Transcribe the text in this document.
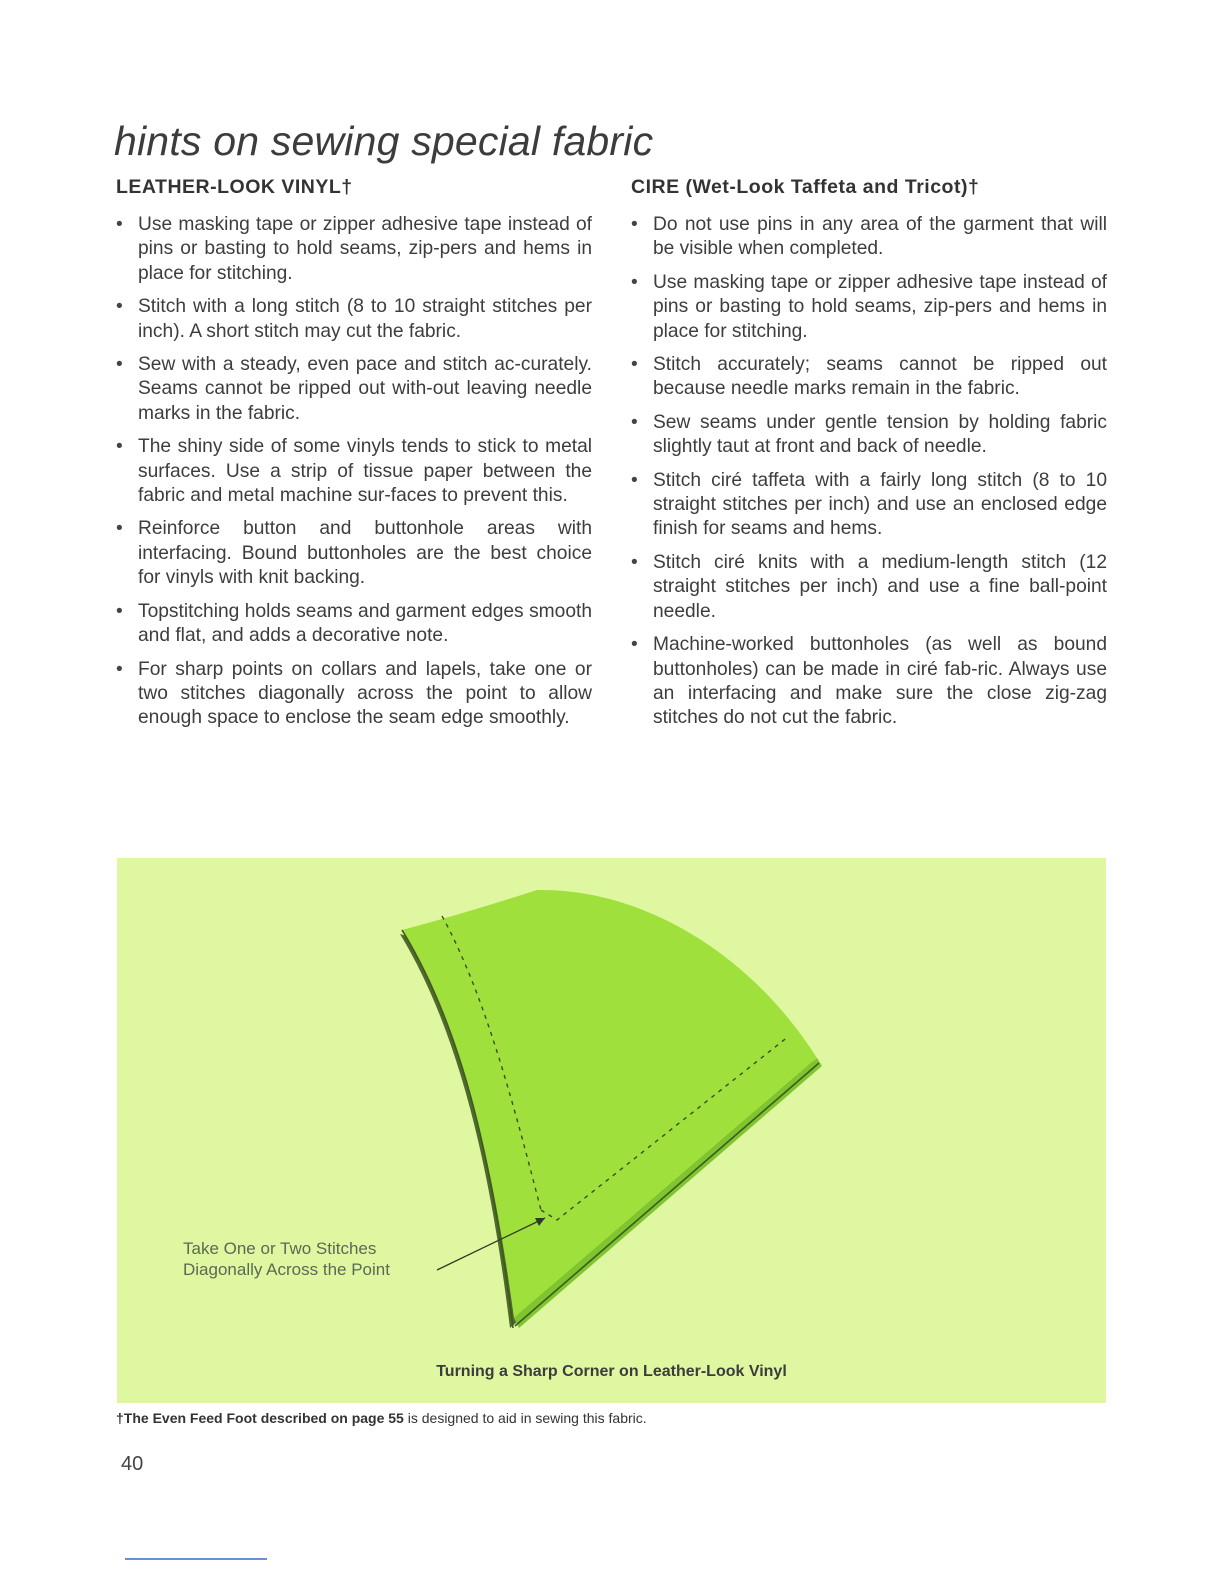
hints on sewing special fabric
LEATHER-LOOK VINYL†
• Use masking tape or zipper adhesive tape instead of pins or basting to hold seams, zip-pers and hems in place for stitching.
• Stitch with a long stitch (8 to 10 straight stitches per inch). A short stitch may cut the fabric.
• Sew with a steady, even pace and stitch ac-curately. Seams cannot be ripped out with-out leaving needle marks in the fabric.
• The shiny side of some vinyls tends to stick to metal surfaces. Use a strip of tissue paper between the fabric and metal machine sur-faces to prevent this.
• Reinforce button and buttonhole areas with interfacing. Bound buttonholes are the best choice for vinyls with knit backing.
• Topstitching holds seams and garment edges smooth and flat, and adds a decorative note.
• For sharp points on collars and lapels, take one or two stitches diagonally across the point to allow enough space to enclose the seam edge smoothly.
CIRE (Wet-Look Taffeta and Tricot)†
• Do not use pins in any area of the garment that will be visible when completed.
• Use masking tape or zipper adhesive tape instead of pins or basting to hold seams, zip-pers and hems in place for stitching.
• Stitch accurately; seams cannot be ripped out because needle marks remain in the fabric.
• Sew seams under gentle tension by holding fabric slightly taut at front and back of needle.
• Stitch ciré taffeta with a fairly long stitch (8 to 10 straight stitches per inch) and use an enclosed edge finish for seams and hems.
• Stitch ciré knits with a medium-length stitch (12 straight stitches per inch) and use a fine ball-point needle.
• Machine-worked buttonholes (as well as bound buttonholes) can be made in ciré fab-ric. Always use an interfacing and make sure the close zig-zag stitches do not cut the fabric.
Take One or Two Stitches
Diagonally Across the Point
Turning a Sharp Corner on Leather-Look Vinyl
†The Even Feed Foot described on page 55 is designed to aid in sewing this fabric.
40
